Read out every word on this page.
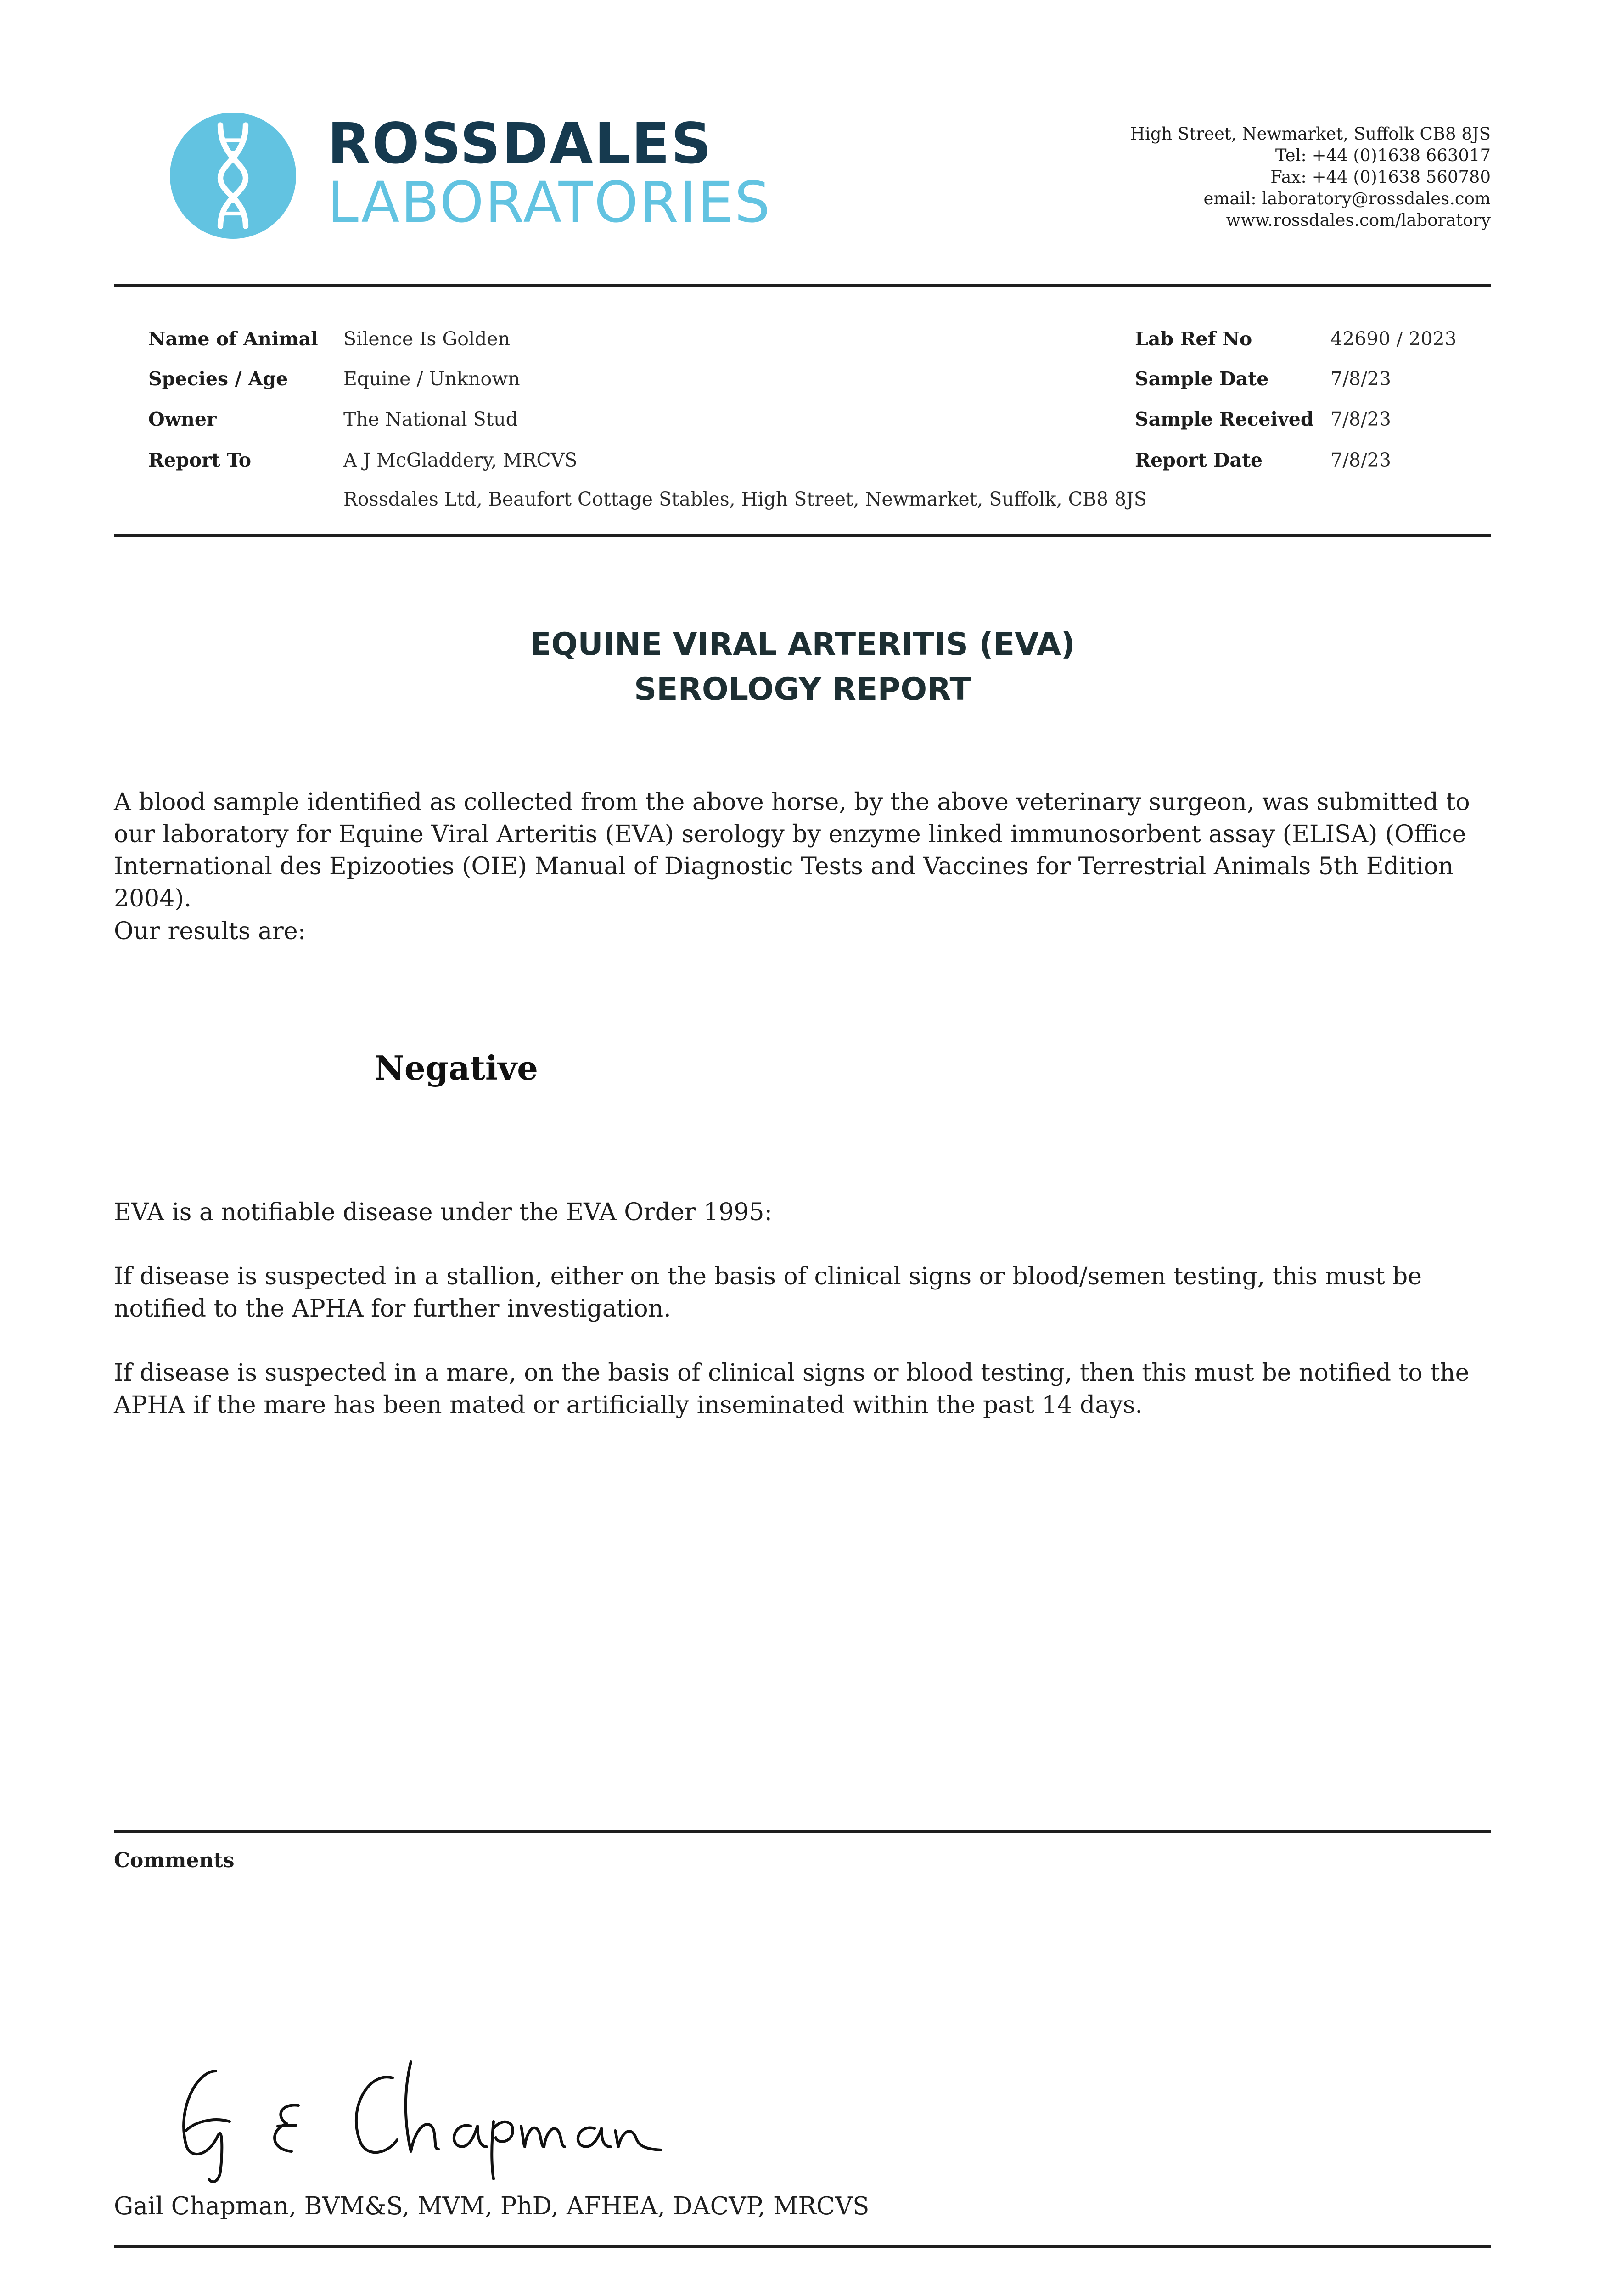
ROSSDALES
LABORATORIES
High Street, Newmarket, Suffolk CB8 8JS
Tel: +44 (0)1638 663017
Fax: +44 (0)1638 560780
email: laboratory@rossdales.com
www.rossdales.com/laboratory
Name of Animal Silence Is Golden
Species / Age	Equine / Unknown
Owner	The National Stud
Report To	A J McGladdery, MRCVS
Rossdales Ltd, Beaufort Cottage Stables, High Street, Newmarket, Suffolk, CB8 8JS
Lab Ref No	42690 / 2023
Sample Date	7/8/23
Sample Received 7/8/23
Report Date	7/8/23
EQUINE VIRAL ARTERITIS (EVA)
SEROLOGY REPORT
A blood sample identified as collected from the above horse, by the above veterinary surgeon, was submitted to our laboratory for Equine Viral Arteritis (EVA) serology by enzyme linked immunosorbent assay (ELISA) (Office International des Epizooties (OIE) Manual of Diagnostic Tests and Vaccines for Terrestrial Animals 5th Edition 2004).
Our results are:
Negative
EVA is a notifiable disease under the EVA Order 1995:
If disease is suspected in a stallion, either on the basis of clinical signs or blood/semen testing, this must be notified to the APHA for further investigation.
If disease is suspected in a mare, on the basis of clinical signs or blood testing, then this must be notified to the APHA if the mare has been mated or artificially inseminated within the past 14 days.
Comments
Gail Chapman, BVM&S, MVM, PhD, AFHEA, DACVP, MRCVS
